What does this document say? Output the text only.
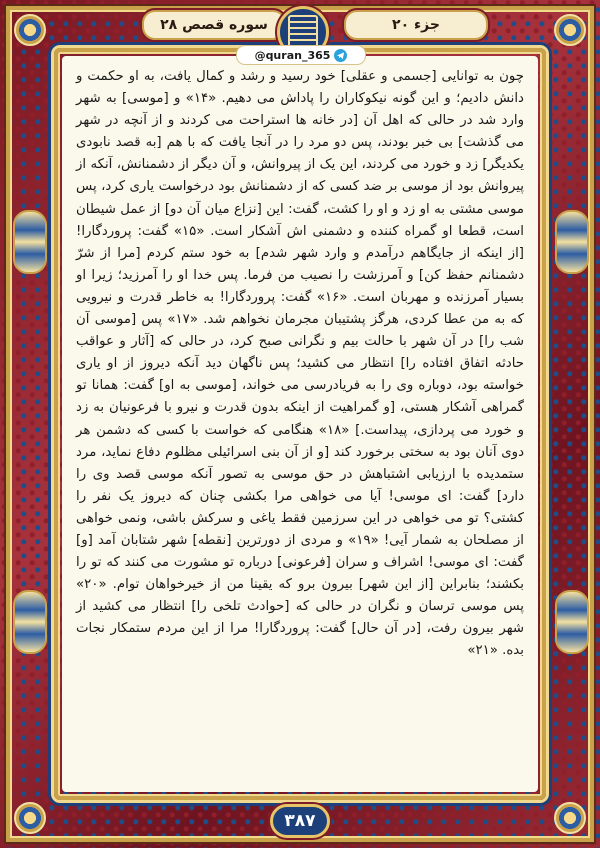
سوره قصص ۲۸	جزء ۲۰
@quran_365

چون به توانایی [جسمی و عقلی] خود رسید و رشد و کمال یافت، به او حکمت و دانش دادیم؛ و این گونه نیکوکاران را پاداش می دهیم. «۱۴» و [موسی] به شهر وارد شد در حالی که اهل آن [در خانه ها استراحت می کردند و از آنچه در شهر می گذشت] بی خبر بودند، پس دو مرد را در آنجا یافت که با هم [به قصد نابودی یکدیگر] زد و خورد می کردند، این یک از پیروانش، و آن دیگر از دشمنانش، آنکه از پیروانش بود از موسی بر ضد کسی که از دشمنانش بود درخواست یاری کرد، پس موسی مشتی به او زد و او را کشت، گفت: این [نزاع میان آن دو] از عمل شیطان است، قطعا او گمراه کننده و دشمنی اش آشکار است. «۱۵» گفت: پروردگارا! [از اینکه از جایگاهم درآمدم و وارد شهر شدم] به خود ستم کردم [مرا از شرّ دشمنانم حفظ کن] و آمرزشت را نصیب من فرما. پس خدا او را آمرزید؛ زیرا او بسیار آمرزنده و مهربان است. «۱۶» گفت: پروردگارا! به خاطر قدرت و نیرویی که به من عطا کردی، هرگز پشتیبان مجرمان نخواهم شد. «۱۷» پس [موسی آن شب را] در آن شهر با حالت بیم و نگرانی صبح کرد، در حالی که [آثار و عواقب حادثه اتفاق افتاده را] انتظار می کشید؛ پس ناگهان دید آنکه دیروز از او یاری خواسته بود، دوباره وی را به فریادرسی می خواند، [موسی به او] گفت: همانا تو گمراهی آشکار هستی، [و گمراهیت از اینکه بدون قدرت و نیرو با فرعونیان به زد و خورد می پردازی، پیداست.] «۱۸» هنگامی که خواست با کسی که دشمن هر دوی آنان بود به سختی برخورد کند [و از آن بنی اسرائیلی مظلوم دفاع نماید، مرد ستمدیده با ارزیابی اشتباهش در حق موسی به تصور آنکه موسی قصد وی را دارد] گفت: ای موسی! آیا می خواهی مرا بکشی چنان که دیروز یک نفر را کشتی؟ تو می خواهی در این سرزمین فقط یاغی و سرکش باشی، ونمی خواهی از مصلحان به شمار آیی! «۱۹» و مردی از دورترین [نقطه] شهر شتابان آمد [و] گفت: ای موسی! اشراف و سران [فرعونی] درباره تو مشورت می کنند که تو را بکشند؛ بنابراین [از این شهر] بیرون برو که یقینا من از خیرخواهان توام. «۲۰» پس موسی ترسان و نگران در حالی که [حوادث تلخی را] انتظار می کشید از شهر بیرون رفت، [در آن حال] گفت: پروردگارا! مرا از این مردم ستمکار نجات بده. «۲۱»

۳۸۷
